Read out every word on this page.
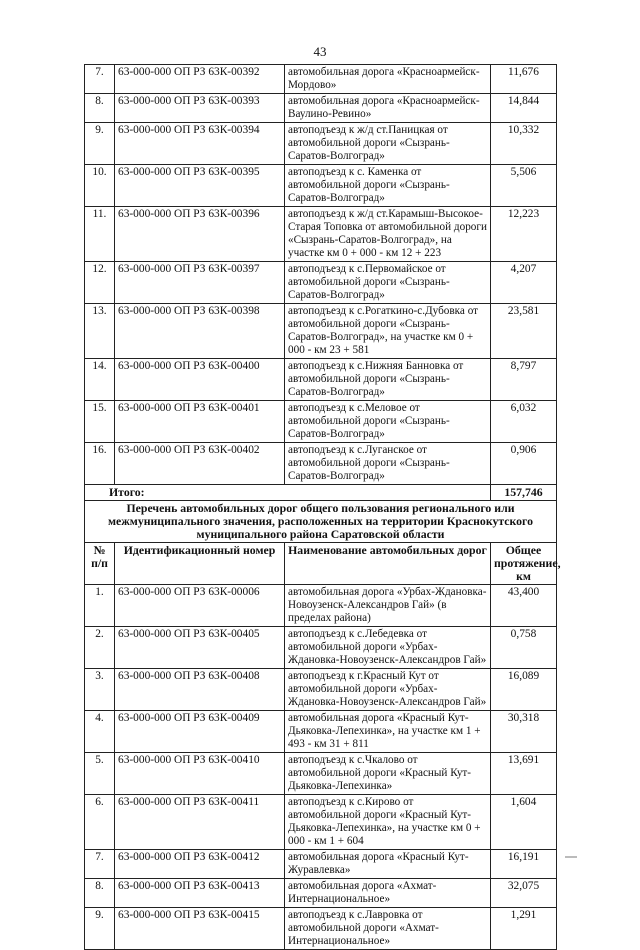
43
7.	63-000-000 ОП РЗ 63К-00392	автомобильная дорога «Красноармейск-Мордово»	11,676
8.	63-000-000 ОП РЗ 63К-00393	автомобильная дорога «Красноармейск-Ваулино-Ревино»	14,844
9.	63-000-000 ОП РЗ 63К-00394	автоподъезд к ж/д ст.Паницкая от автомобильной дороги «Сызрань-Саратов-Волгоград»	10,332
10.	63-000-000 ОП РЗ 63К-00395	автоподъезд к с. Каменка от автомобильной дороги «Сызрань-Саратов-Волгоград»	5,506
11.	63-000-000 ОП РЗ 63К-00396	автоподъезд к ж/д ст.Карамыш-Высокое-Старая Топовка от автомобильной дороги «Сызрань-Саратов-Волгоград», на участке км 0 + 000 - км 12 + 223	12,223
12.	63-000-000 ОП РЗ 63К-00397	автоподъезд к с.Первомайское от автомобильной дороги «Сызрань-Саратов-Волгоград»	4,207
13.	63-000-000 ОП РЗ 63К-00398	автоподъезд к с.Рогаткино-с.Дубовка от автомобильной дороги «Сызрань-Саратов-Волгоград», на участке км 0 + 000 - км 23 + 581	23,581
14.	63-000-000 ОП РЗ 63К-00400	автоподъезд к с.Нижняя Банновка от автомобильной дороги «Сызрань-Саратов-Волгоград»	8,797
15.	63-000-000 ОП РЗ 63К-00401	автоподъезд к с.Меловое от автомобильной дороги «Сызрань-Саратов-Волгоград»	6,032
16.	63-000-000 ОП РЗ 63К-00402	автоподъезд к с.Луганское от автомобильной дороги «Сызрань-Саратов-Волгоград»	0,906
Итого:			157,746
Перечень автомобильных дорог общего пользования регионального или межмуниципального значения, расположенных на территории Краснокутского муниципального района Саратовской области			
№ п/п	Идентификационный номер	Наименование автомобильных дорог	Общее протяжение, км
1.	63-000-000 ОП РЗ 63К-00006	автомобильная дорога «Урбах-Ждановка-Новоузенск-Александров Гай» (в пределах района)	43,400
2.	63-000-000 ОП РЗ 63К-00405	автоподъезд к с.Лебедевка от автомобильной дороги «Урбах-Ждановка-Новоузенск-Александров Гай»	0,758
3.	63-000-000 ОП РЗ 63К-00408	автоподъезд к г.Красный Кут от автомобильной дороги «Урбах-Ждановка-Новоузенск-Александров Гай»	16,089
4.	63-000-000 ОП РЗ 63К-00409	автомобильная дорога «Красный Кут-Дьяковка-Лепехинка», на участке км 1 + 493 - км 31 + 811	30,318
5.	63-000-000 ОП РЗ 63К-00410	автоподъезд к с.Чкалово от автомобильной дороги «Красный Кут-Дьяковка-Лепехинка»	13,691
6.	63-000-000 ОП РЗ 63К-00411	автоподъезд к с.Кирово от автомобильной дороги «Красный Кут-Дьяковка-Лепехинка», на участке км 0 + 000 - км 1 + 604	1,604
7.	63-000-000 ОП РЗ 63К-00412	автомобильная дорога «Красный Кут-Журавлевка»	16,191
8.	63-000-000 ОП РЗ 63К-00413	автомобильная дорога «Ахмат-Интернациональное»	32,075
9.	63-000-000 ОП РЗ 63К-00415	автоподъезд к с.Лавровка от автомобильной дороги «Ахмат-Интернациональное»	1,291
